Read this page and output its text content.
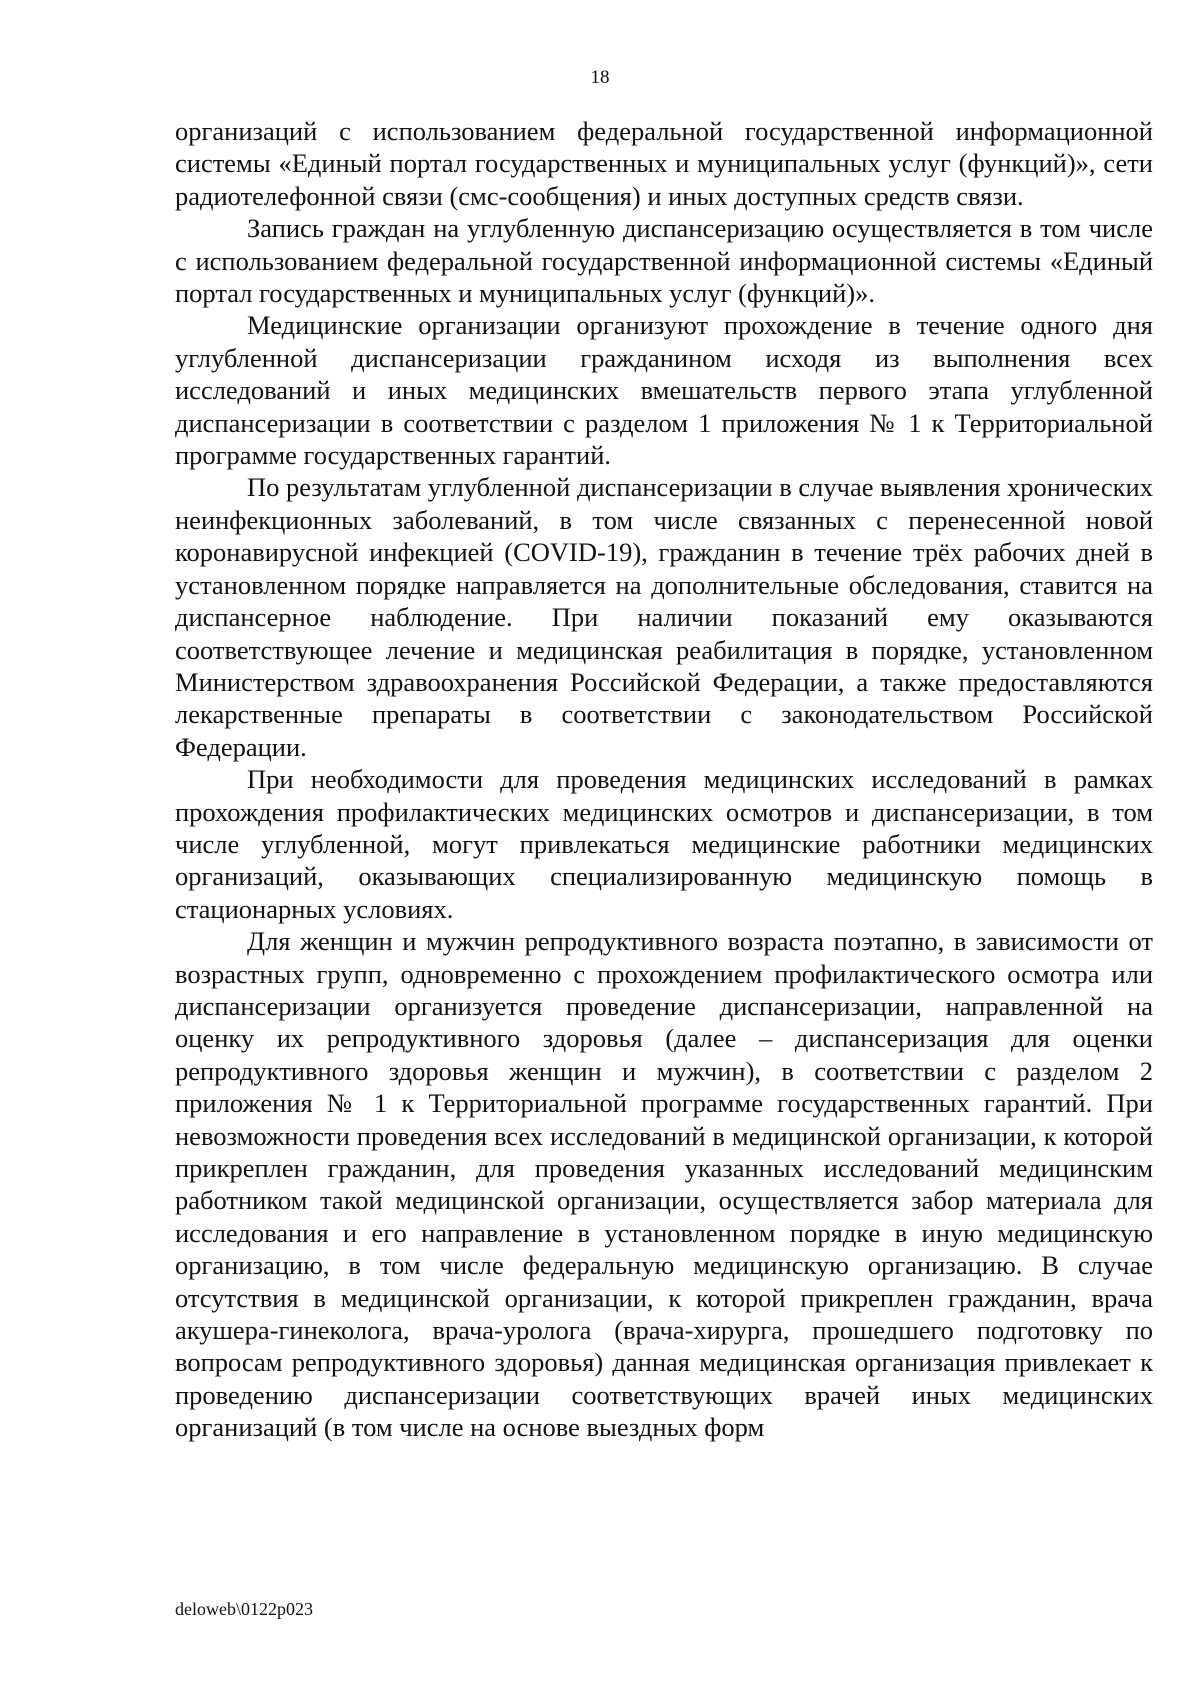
18

организаций с использованием федеральной государственной информационной системы «Единый портал государственных и муниципальных услуг (функций)», сети радиотелефонной связи (смс-сообщения) и иных доступных средств связи.

Запись граждан на углубленную диспансеризацию осуществляется в том числе с использованием федеральной государственной информационной системы «Единый портал государственных и муниципальных услуг (функций)».

Медицинские организации организуют прохождение в течение одного дня углубленной диспансеризации гражданином исходя из выполнения всех исследований и иных медицинских вмешательств первого этапа углубленной диспансеризации в соответствии с разделом 1 приложения № 1 к Территориальной программе государственных гарантий.

По результатам углубленной диспансеризации в случае выявления хронических неинфекционных заболеваний, в том числе связанных с перенесенной новой коронавирусной инфекцией (COVID-19), гражданин в течение трёх рабочих дней в установленном порядке направляется на дополнительные обследования, ставится на диспансерное наблюдение. При наличии показаний ему оказываются соответствующее лечение и медицинская реабилитация в порядке, установленном Министерством здравоохранения Российской Федерации, а также предоставляются лекарственные препараты в соответствии с законодательством Российской Федерации.

При необходимости для проведения медицинских исследований в рамках прохождения профилактических медицинских осмотров и диспансеризации, в том числе углубленной, могут привлекаться медицинские работники медицинских организаций, оказывающих специализированную медицинскую помощь в стационарных условиях.

Для женщин и мужчин репродуктивного возраста поэтапно, в зависимости от возрастных групп, одновременно с прохождением профилактического осмотра или диспансеризации организуется проведение диспансеризации, направленной на оценку их репродуктивного здоровья (далее – диспансеризация для оценки репродуктивного здоровья женщин и мужчин), в соответствии с разделом 2 приложения № 1 к Территориальной программе государственных гарантий. При невозможности проведения всех исследований в медицинской организации, к которой прикреплен гражданин, для проведения указанных исследований медицинским работником такой медицинской организации, осуществляется забор материала для исследования и его направление в установленном порядке в иную медицинскую организацию, в том числе федеральную медицинскую организацию. В случае отсутствия в медицинской организации, к которой прикреплен гражданин, врача акушера-гинеколога, врача-уролога (врача-хирурга, прошедшего подготовку по вопросам репродуктивного здоровья) данная медицинская организация привлекает к проведению диспансеризации соответствующих врачей иных медицинских организаций (в том числе на основе выездных форм

deloweb\0122p023
